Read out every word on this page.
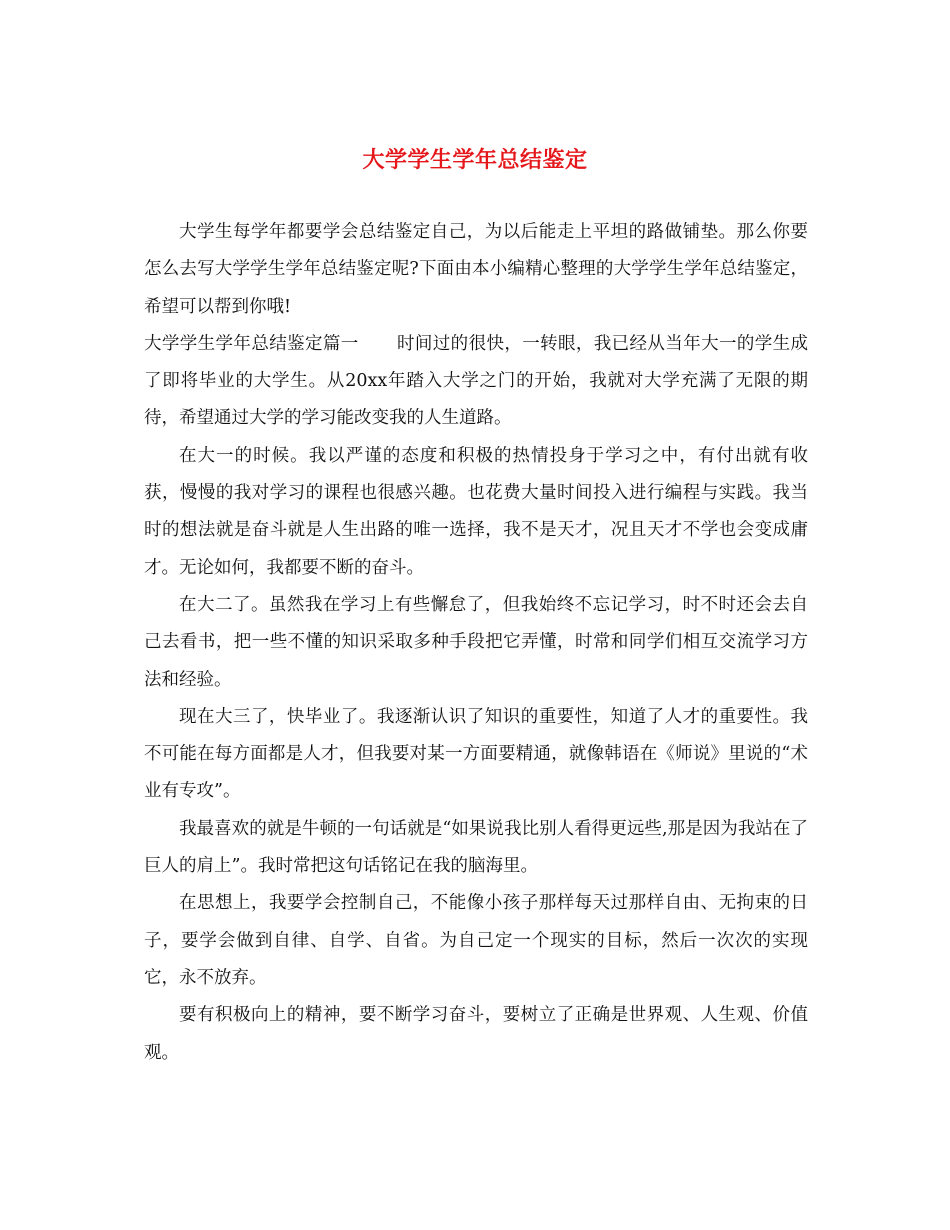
大学学生学年总结鉴定

大学生每学年都要学会总结鉴定自己，为以后能走上平坦的路做铺垫。那么你要怎么去写大学学生学年总结鉴定呢?下面由本小编精心整理的大学学生学年总结鉴定，希望可以帮到你哦!

大学学生学年总结鉴定篇一 时间过的很快，一转眼，我已经从当年大一的学生成了即将毕业的大学生。从20xx年踏入大学之门的开始，我就对大学充满了无限的期待，希望通过大学的学习能改变我的人生道路。

在大一的时候。我以严谨的态度和积极的热情投身于学习之中，有付出就有收获，慢慢的我对学习的课程也很感兴趣。也花费大量时间投入进行编程与实践。我当时的想法就是奋斗就是人生出路的唯一选择，我不是天才，况且天才不学也会变成庸才。无论如何，我都要不断的奋斗。

在大二了。虽然我在学习上有些懈怠了，但我始终不忘记学习，时不时还会去自己去看书，把一些不懂的知识采取多种手段把它弄懂，时常和同学们相互交流学习方法和经验。

现在大三了，快毕业了。我逐渐认识了知识的重要性，知道了人才的重要性。我不可能在每方面都是人才，但我要对某一方面要精通，就像韩语在《师说》里说的“术业有专攻”。

我最喜欢的就是牛顿的一句话就是“如果说我比别人看得更远些,那是因为我站在了巨人的肩上”。我时常把这句话铭记在我的脑海里。

在思想上，我要学会控制自己，不能像小孩子那样每天过那样自由、无拘束的日子，要学会做到自律、自学、自省。为自己定一个现实的目标，然后一次次的实现它，永不放弃。

要有积极向上的精神，要不断学习奋斗，要树立了正确是世界观、人生观、价值观。
